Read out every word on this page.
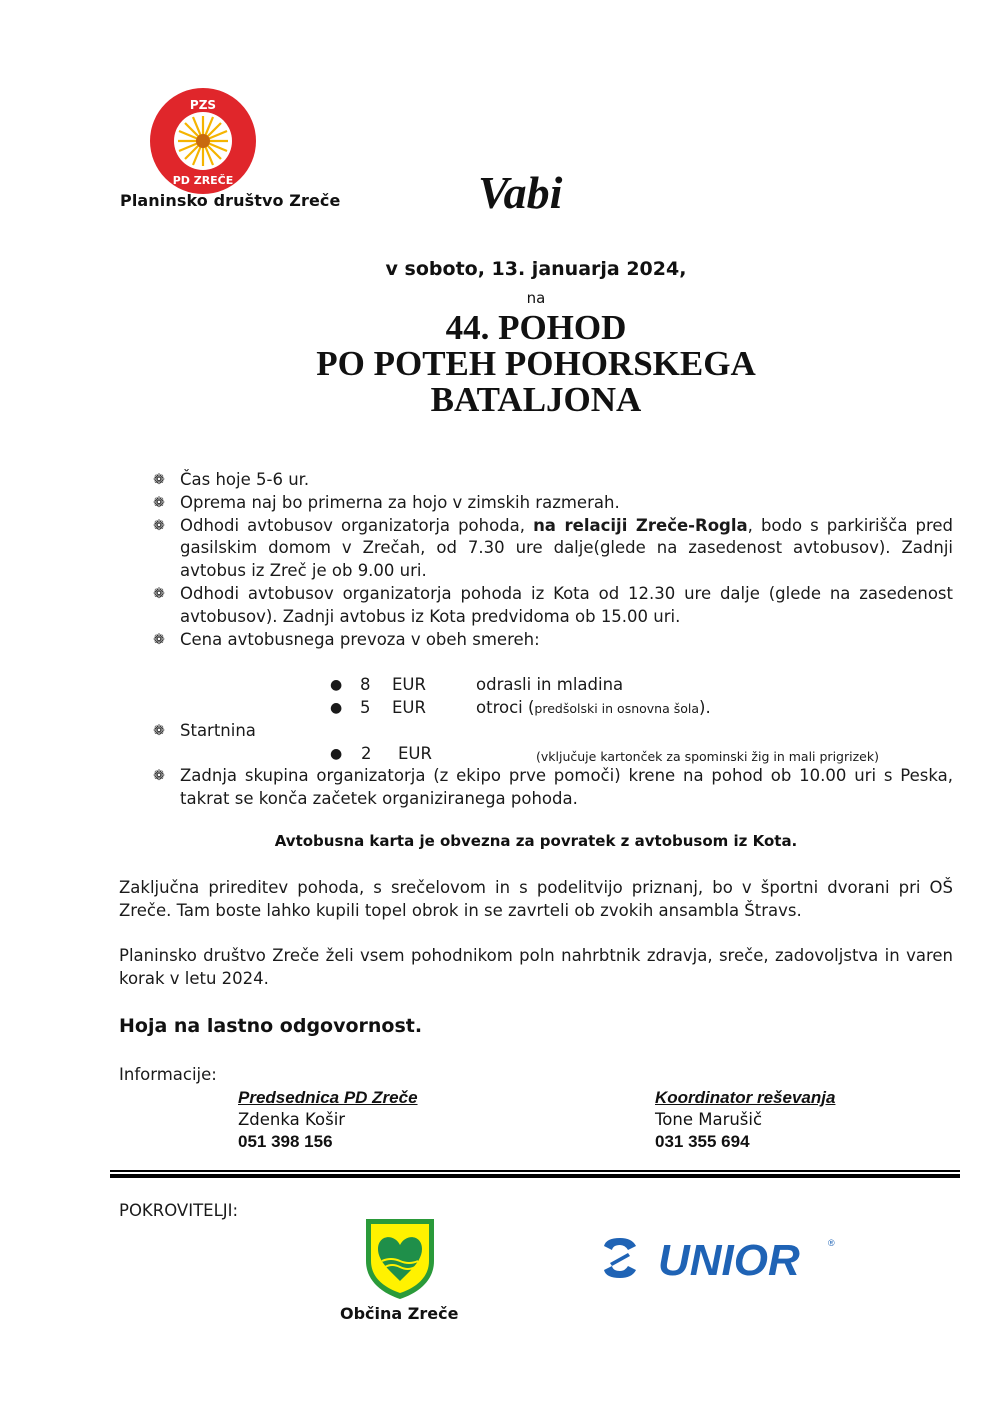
PZS
PD ZREČE
Planinsko društvo Zreče	Vabi
v soboto, 13. januarja 2024,
na
44. POHOD
PO POTEH POHORSKEGA
BATALJONA
❁ Čas hoje 5-6 ur.
❁ Oprema naj bo primerna za hojo v zimskih razmerah.
❁ Odhodi avtobusov organizatorja pohoda, na relaciji Zreče-Rogla, bodo s parkirišča pred gasilskim domom v Zrečah, od 7.30 ure dalje(glede na zasedenost avtobusov). Zadnji avtobus iz Zreč je ob 9.00 uri.
❁ Odhodi avtobusov organizatorja pohoda iz Kota od 12.30 ure dalje (glede na zasedenost avtobusov). Zadnji avtobus iz Kota predvidoma ob 15.00 uri.
❁ Cena avtobusnega prevoza v obeh smereh:
● 8 EUR	odrasli in mladina
● 5 EUR	otroci (predšolski in osnovna šola).
❁ Startnina
● 2 EUR	(vključuje kartonček za spominski žig in mali prigrizek)
❁ Zadnja skupina organizatorja (z ekipo prve pomoči) krene na pohod ob 10.00 uri s Peska, takrat se konča začetek organiziranega pohoda.
Avtobusna karta je obvezna za povratek z avtobusom iz Kota.
Zaključna prireditev pohoda, s srečelovom in s podelitvijo priznanj, bo v športni dvorani pri OŠ Zreče. Tam boste lahko kupili topel obrok in se zavrteli ob zvokih ansambla Štravs.
Planinsko društvo Zreče želi vsem pohodnikom poln nahrbtnik zdravja, sreče, zadovoljstva in varen korak v letu 2024.
Hoja na lastno odgovornost.
Informacije:
Predsednica PD Zreče
Zdenka Košir
051 398 156
Koordinator reševanja
Tone Marušič
031 355 694
POKROVITELJI:
Občina Zreče
UNIOR	®
